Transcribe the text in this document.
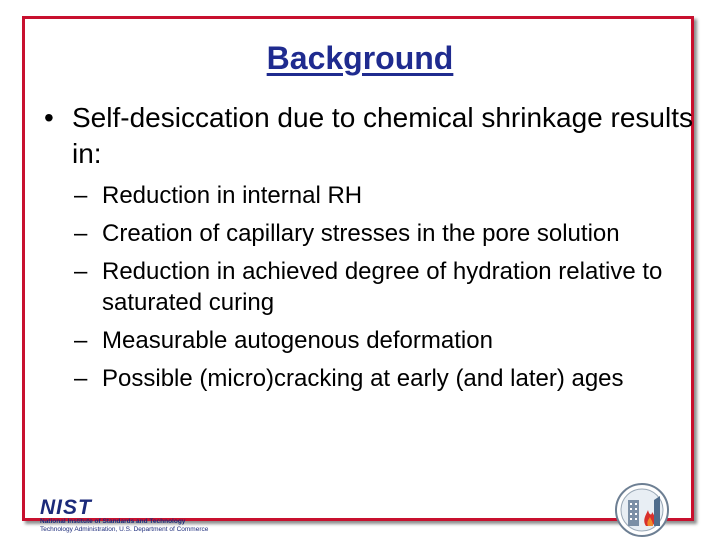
Background
• Self-desiccation due to chemical shrinkage results in:
– Reduction in internal RH
– Creation of capillary stresses in the pore solution
– Reduction in achieved degree of hydration relative to saturated curing
– Measurable autogenous deformation
– Possible (micro)cracking at early (and later) ages
NIST
National Institute of Standards and Technology
Technology Administration, U.S. Department of Commerce
